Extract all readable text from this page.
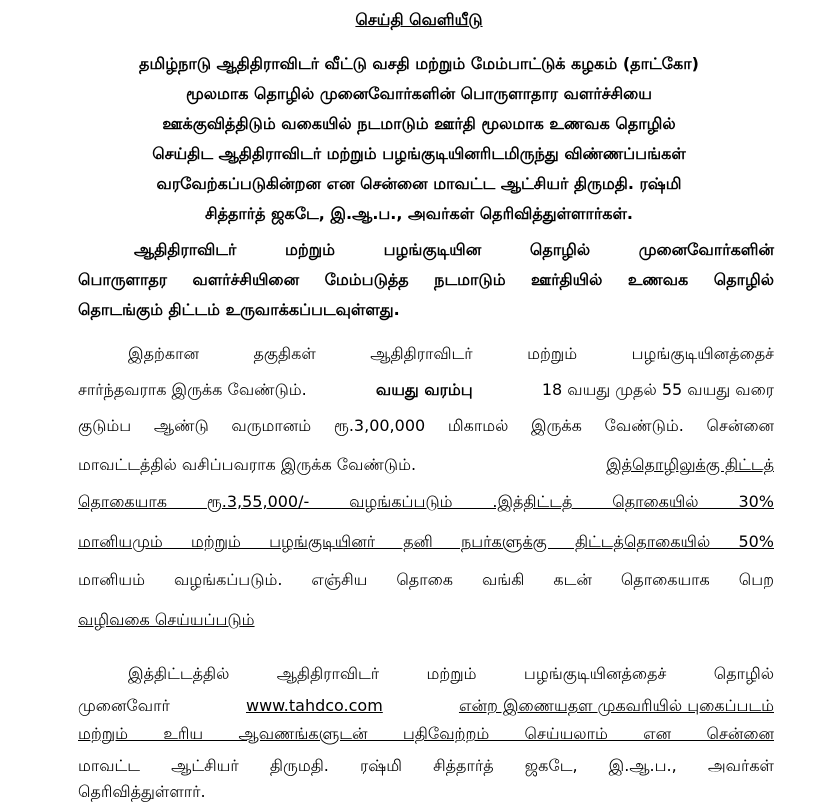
செய்தி வெளியீடு

தமிழ்நாடு ஆதிதிராவிடர் வீட்டு வசதி மற்றும் மேம்பாட்டுக் கழகம் (தாட்கோ)

மூலமாக தொழில் முனைவோர்களின் பொருளாதார வளர்ச்சியை

ஊக்குவித்திடும் வகையில் நடமாடும் ஊர்தி மூலமாக உணவக தொழில்

செய்திட ஆதிதிராவிடர் மற்றும் பழங்குடியினரிடமிருந்து விண்ணப்பங்கள்

வரவேற்கப்படுகின்றன என சென்னை மாவட்ட ஆட்சியர் திருமதி. ரஷ்மி

சித்தார்த் ஜகடே, இ.ஆ.ப., அவர்கள் தெரிவித்துள்ளார்கள்.

ஆதிதிராவிடர் மற்றும் பழங்குடியின தொழில் முனைவோர்களின்

பொருளாதர வளர்ச்சியினை மேம்படுத்த நடமாடும் ஊர்தியில் உணவக தொழில்

தொடங்கும் திட்டம் உருவாக்கப்படவுள்ளது.

இதற்கான தகுதிகள் ஆதிதிராவிடர் மற்றும் பழங்குடியினத்தைச்

சார்ந்தவராக இருக்க வேண்டும்.	வயது வரம்பு	18 வயது முதல் 55 வயது வரை

குடும்ப ஆண்டு வருமானம் ரூ.3,00,000 மிகாமல் இருக்க வேண்டும். சென்னை

மாவட்டத்தில் வசிப்பவராக இருக்க வேண்டும்.	இத்தொழிலுக்கு திட்டத்

தொகையாக ரூ.3,55,000/- வழங்கப்படும் .இத்திட்டத் தொகையில் 30%

மானியமும் மற்றும் பழங்குடியினர் தனி நபர்களுக்கு திட்டத்தொகையில் 50%

மானியம் வழங்கப்படும். எஞ்சிய தொகை வங்கி கடன் தொகையாக பெற

வழிவகை செய்யப்படும்

இத்திட்டத்தில் ஆதிதிராவிடர் மற்றும் பழங்குடியினத்தைச் தொழில்

முனைவோர்	www.tahdco.com	என்ற இணையதள முகவரியில் புகைப்படம்

மற்றும் உரிய ஆவணங்களுடன் பதிவேற்றம் செய்யலாம் என சென்னை

மாவட்ட ஆட்சியர் திருமதி. ரஷ்மி சித்தார்த் ஜகடே, இ.ஆ.ப., அவர்கள்

தெரிவித்துள்ளார்.
